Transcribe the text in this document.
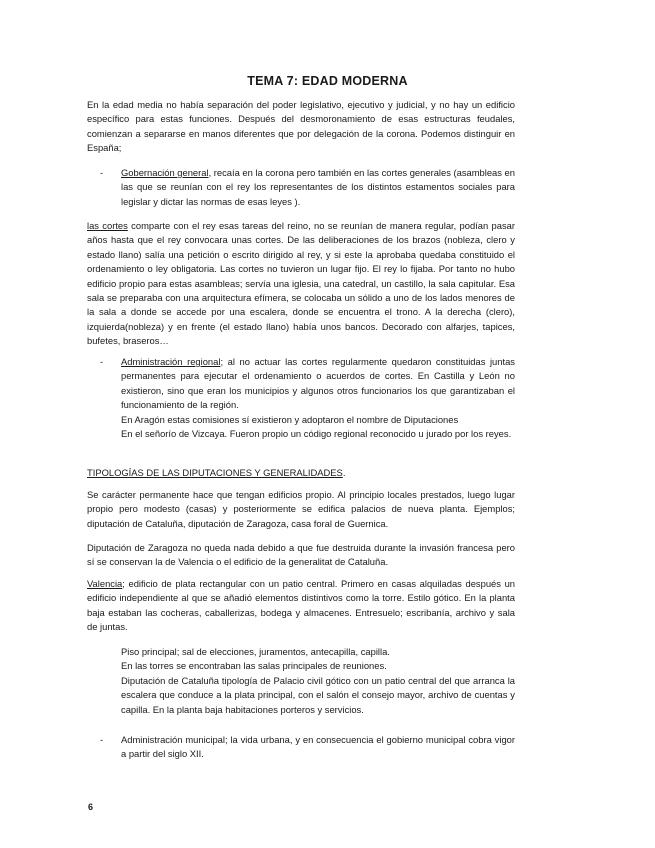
TEMA 7: EDAD MODERNA
En la edad media no había separación del poder legislativo, ejecutivo y judicial, y no hay un edificio específico para estas funciones. Después del desmoronamiento de esas estructuras feudales, comienzan a separarse en manos diferentes que por delegación de la corona. Podemos distinguir en España;
-	Gobernación general, recaía en la corona pero también en las cortes generales (asambleas en las que se reunían con el rey los representantes de los distintos estamentos sociales para legislar y dictar las normas de esas leyes ).
las cortes comparte con el rey esas tareas del reino, no se reunían de manera regular, podían pasar años hasta que el rey convocara unas cortes. De las deliberaciones de los brazos (nobleza, clero y estado llano) salía una petición o escrito dirigido al rey, y si este la aprobaba quedaba constituido el ordenamiento o ley obligatoria. Las cortes no tuvieron un lugar fijo. El rey lo fijaba. Por tanto no hubo edificio propio para estas asambleas; servía una iglesia, una catedral, un castillo, la sala capitular. Esa sala se preparaba con una arquitectura efímera, se colocaba un sólido a uno de los lados menores de la sala a donde se accede por una escalera, donde se encuentra el trono. A la derecha (clero), izquierda(nobleza) y en frente (el estado llano) había unos bancos. Decorado con alfarjes, tapices, bufetes, braseros…
-	Administración regional; al no actuar las cortes regularmente quedaron constituidas juntas permanentes para ejecutar el ordenamiento o acuerdos de cortes. En Castilla y León no existieron, sino que eran los municipios y algunos otros funcionarios los que garantizaban el funcionamiento de la región.
En Aragón estas comisiones sí existieron y adoptaron el nombre de Diputaciones
En el señorío de Vizcaya. Fueron propio un código regional reconocido u jurado por los reyes.
TIPOLOGÍAS DE LAS DIPUTACIONES Y GENERALIDADES.
Se carácter permanente hace que tengan edificios propio. Al principio locales prestados, luego lugar propio pero modesto (casas) y posteriormente se edifica palacios de nueva planta. Ejemplos; diputación de Cataluña, diputación de Zaragoza, casa foral de Guernica.
Diputación de Zaragoza no queda nada debido a que fue destruida durante la invasión francesa pero sí se conservan la de Valencia o el edificio de la generalitat de Cataluña.
Valencia; edificio de plata rectangular con un patio central. Primero en casas alquiladas después un edificio independiente al que se añadió elementos distintivos como la torre. Estilo gótico. En la planta baja estaban las cocheras, caballerizas, bodega y almacenes. Entresuelo; escribanía, archivo y sala de juntas.
Piso principal; sal de elecciones, juramentos, antecapilla, capilla.
En las torres se encontraban las salas principales de reuniones.
Diputación de Cataluña tipología de Palacio civil gótico con un patio central del que arranca la escalera que conduce a la plata principal, con el salón el consejo mayor, archivo de cuentas y capilla. En la planta baja habitaciones porteros y servicios.
-	Administración municipal; la vida urbana, y en consecuencia el gobierno municipal cobra vigor a partir del siglo XII.
6
